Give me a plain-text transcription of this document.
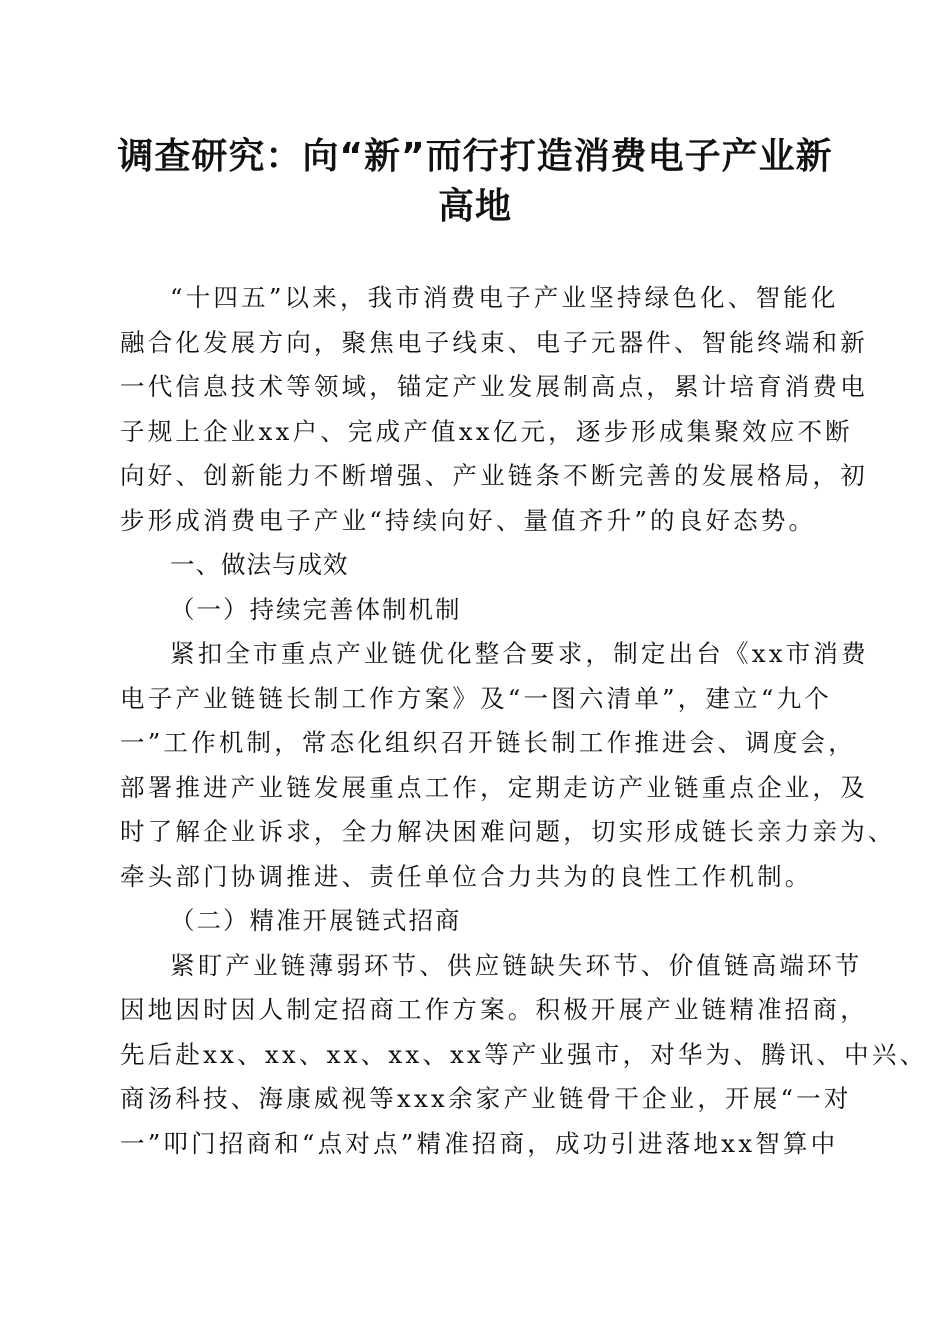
调查研究：向“新”而行打造消费电子产业新
高地
“十四五”以来，我市消费电子产业坚持绿色化、智能化
融合化发展方向，聚焦电子线束、电子元器件、智能终端和新
一代信息技术等领域，锚定产业发展制高点，累计培育消费电
子规上企业xx户、完成产值xx亿元，逐步形成集聚效应不断
向好、创新能力不断增强、产业链条不断完善的发展格局，初
步形成消费电子产业“持续向好、量值齐升”的良好态势。
一、做法与成效
（一）持续完善体制机制
紧扣全市重点产业链优化整合要求，制定出台《xx市消费
电子产业链链长制工作方案》及“一图六清单”，建立“九个
一”工作机制，常态化组织召开链长制工作推进会、调度会，
部署推进产业链发展重点工作，定期走访产业链重点企业，及
时了解企业诉求，全力解决困难问题，切实形成链长亲力亲为、
牵头部门协调推进、责任单位合力共为的良性工作机制。
（二）精准开展链式招商
紧盯产业链薄弱环节、供应链缺失环节、价值链高端环节
因地因时因人制定招商工作方案。积极开展产业链精准招商，
先后赴xx、xx、xx、xx、xx等产业强市，对华为、腾讯、中兴、
商汤科技、海康威视等xxx余家产业链骨干企业，开展“一对
一”叩门招商和“点对点”精准招商，成功引进落地xx智算中
